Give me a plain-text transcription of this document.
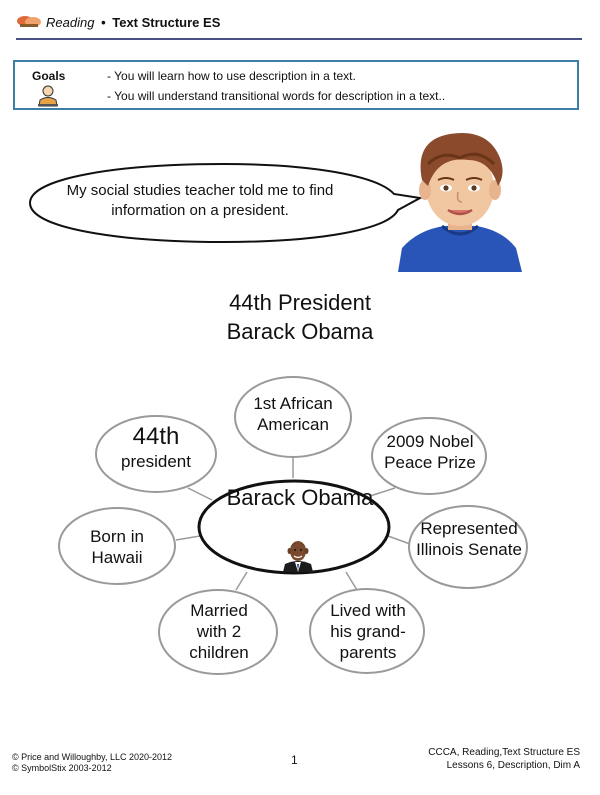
Reading • Text Structure ES
Goals	- You will learn how to use description in a text.
- You will understand transitional words for description in a text..
My social studies teacher told me to find information on a president.
44th President
Barack Obama
1st African American
44th
president
2009 Nobel Peace Prize
Born in Hawaii
Represented Illinois Senate
Married with 2 children
Lived with his grand-parents
Barack Obama
© Price and Willoughby, LLC 2020-2012
© SymbolStix 2003-2012
1
CCCA, Reading,Text Structure ES
Lessons 6, Description, Dim A
